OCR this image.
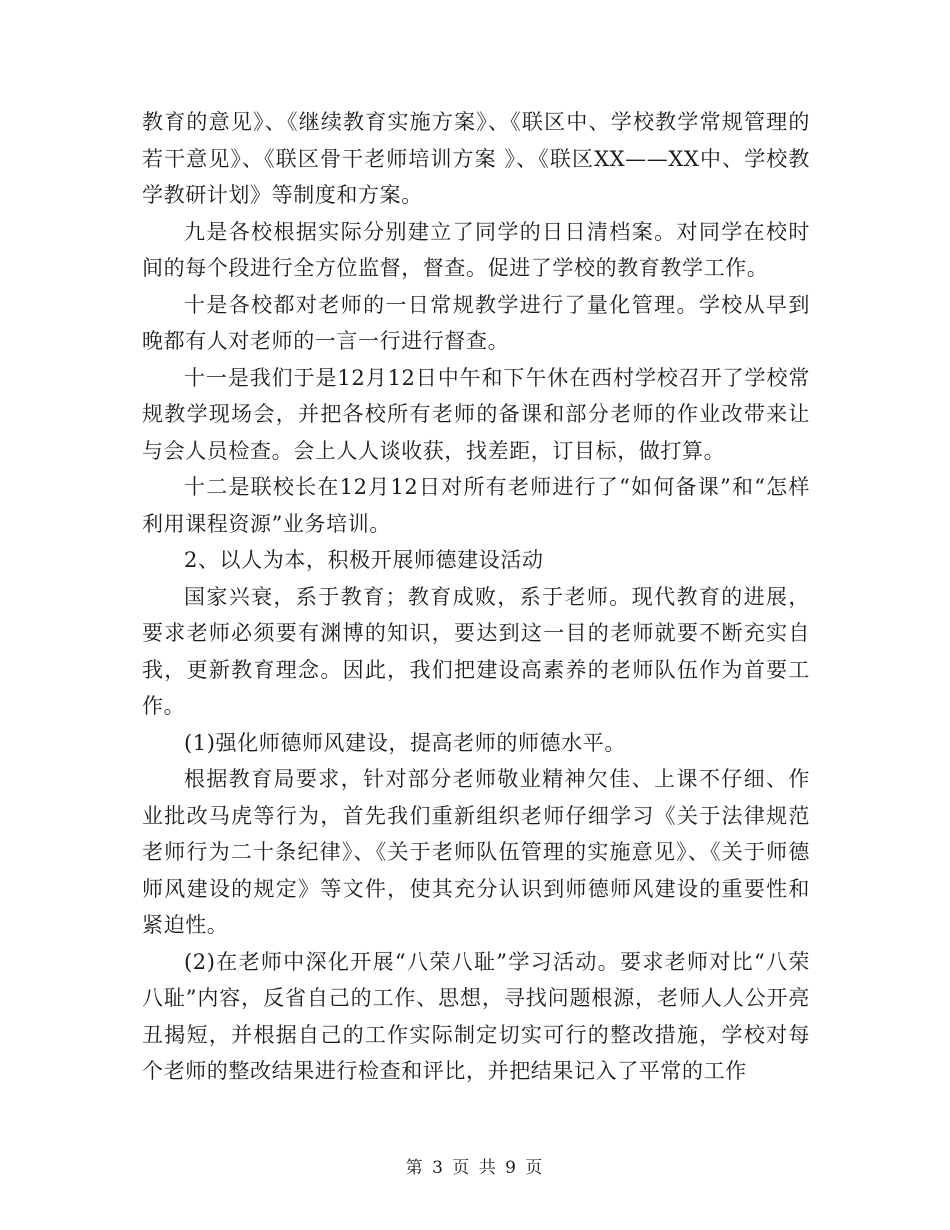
教育的意见》、《继续教育实施方案》、《联区中、学校教学常规管理的若干意见》、《联区骨干老师培训方案 》、《联区XX——XX中、学校教学教研计划》等制度和方案。

九是各校根据实际分别建立了同学的日日清档案。对同学在校时间的每个段进行全方位监督，督查。促进了学校的教育教学工作。

十是各校都对老师的一日常规教学进行了量化管理。学校从早到晚都有人对老师的一言一行进行督查。

十一是我们于是12月12日中午和下午休在西村学校召开了学校常规教学现场会，并把各校所有老师的备课和部分老师的作业改带来让与会人员检查。会上人人谈收获，找差距，订目标，做打算。

十二是联校长在12月12日对所有老师进行了“如何备课”和“怎样利用课程资源”业务培训。

2、以人为本，积极开展师德建设活动

国家兴衰，系于教育；教育成败，系于老师。现代教育的进展，要求老师必须要有渊博的知识，要达到这一目的老师就要不断充实自我，更新教育理念。因此，我们把建设高素养的老师队伍作为首要工作。

(1)强化师德师风建设，提高老师的师德水平。

根据教育局要求，针对部分老师敬业精神欠佳、上课不仔细、作业批改马虎等行为，首先我们重新组织老师仔细学习《关于法律规范老师行为二十条纪律》、《关于老师队伍管理的实施意见》、《关于师德师风建设的规定》等文件，使其充分认识到师德师风建设的重要性和紧迫性。

(2)在老师中深化开展“八荣八耻”学习活动。要求老师对比“八荣八耻”内容，反省自己的工作、思想，寻找问题根源，老师人人公开亮丑揭短，并根据自己的工作实际制定切实可行的整改措施，学校对每个老师的整改结果进行检查和评比，并把结果记入了平常的工作

第 3 页 共 9 页
